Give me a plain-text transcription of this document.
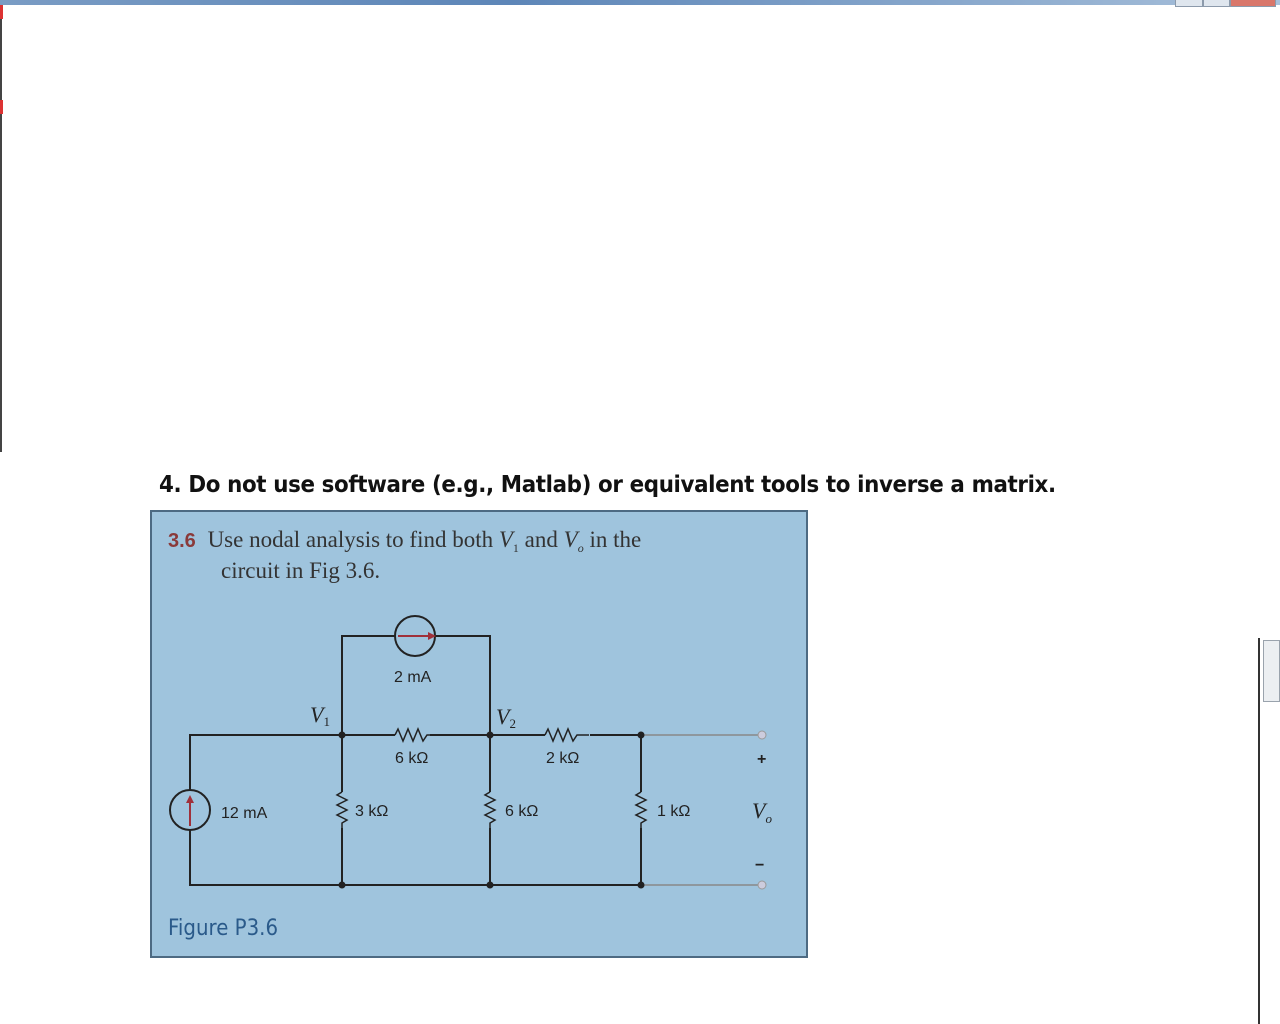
4. Do not use software (e.g., Matlab) or equivalent tools to inverse a matrix.
3.6 Use nodal analysis to find both $V_1$ and $V_o$ in the
circuit in Fig 3.6.
2 mA
12 mA
6 kΩ	2 kΩ
3 kΩ	6 kΩ	1 kΩ
V1	V2
+
−
$V_o$
Figure P3.6
